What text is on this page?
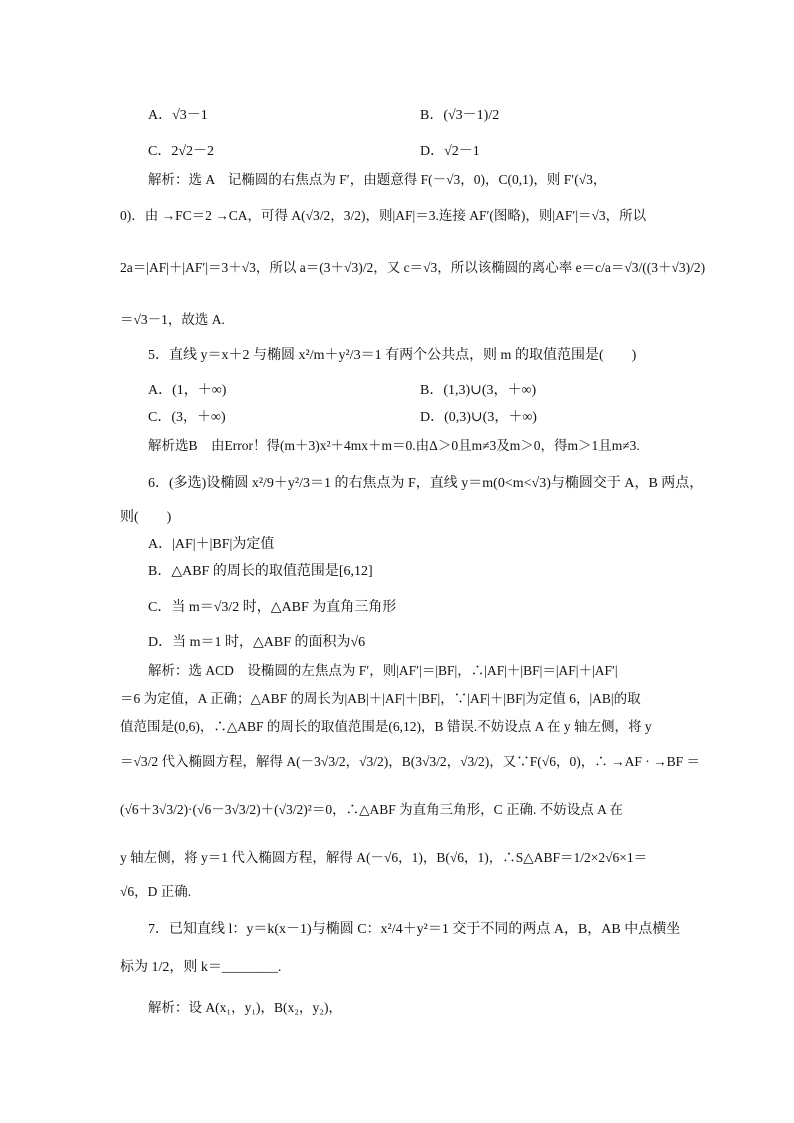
A．√3－1	B．(√3－1)/2
C．2√2－2	D．√2－1
解析：选 A　记椭圆的右焦点为 F′，由题意得 F(－√3，0)，C(0,1)，则 F′(√3，
0)．由 →FC＝2 →CA，可得 A(√3/2，3/2)，则|AF|＝3.连接 AF′(图略)，则|AF′|＝√3，所以
2a＝|AF|＋|AF′|＝3＋√3，所以 a＝(3＋√3)/2，又 c＝√3，所以该椭圆的离心率 e＝c/a＝√3/((3＋√3)/2)
＝√3－1，故选 A.
5．直线 y＝x＋2 与椭圆 x²/m＋y²/3＝1 有两个公共点，则 m 的取值范围是(　　)
A．(1，＋∞)	B．(1,3)∪(3，＋∞)
C．(3，＋∞)	D．(0,3)∪(3，＋∞)
解析选B　由Error！得(m＋3)x²＋4mx＋m＝0.由Δ＞0且m≠3及m＞0，得m＞1且m≠3.
6．(多选)设椭圆 x²/9＋y²/3＝1 的右焦点为 F，直线 y＝m(0<m<√3)与椭圆交于 A，B 两点，
则(　　)
A．|AF|＋|BF|为定值
B．△ABF 的周长的取值范围是[6,12]
C．当 m＝√3/2 时，△ABF 为直角三角形
D．当 m＝1 时，△ABF 的面积为√6
解析：选 ACD　设椭圆的左焦点为 F′，则|AF′|＝|BF|，∴|AF|＋|BF|＝|AF|＋|AF′|
＝6 为定值，A 正确；△ABF 的周长为|AB|＋|AF|＋|BF|，∵|AF|＋|BF|为定值 6，|AB|的取
值范围是(0,6)，∴△ABF 的周长的取值范围是(6,12)，B 错误.不妨设点 A 在 y 轴左侧，将 y
＝√3/2 代入椭圆方程，解得 A(－3√3/2，√3/2)，B(3√3/2，√3/2)，又∵F(√6，0)，∴ →AF · →BF ＝
(√6＋3√3/2)·(√6－3√3/2)＋(√3/2)²＝0，∴△ABF 为直角三角形，C 正确. 不妨设点 A 在
y 轴左侧，将 y＝1 代入椭圆方程，解得 A(－√6，1)，B(√6，1)，∴S△ABF＝1/2×2√6×1＝
√6，D 正确.
7．已知直线 l：y＝k(x－1)与椭圆 C：x²/4＋y²＝1 交于不同的两点 A，B，AB 中点横坐
标为 1/2，则 k＝________.
解析：设 A(x₁，y₁)，B(x₂，y₂)，
